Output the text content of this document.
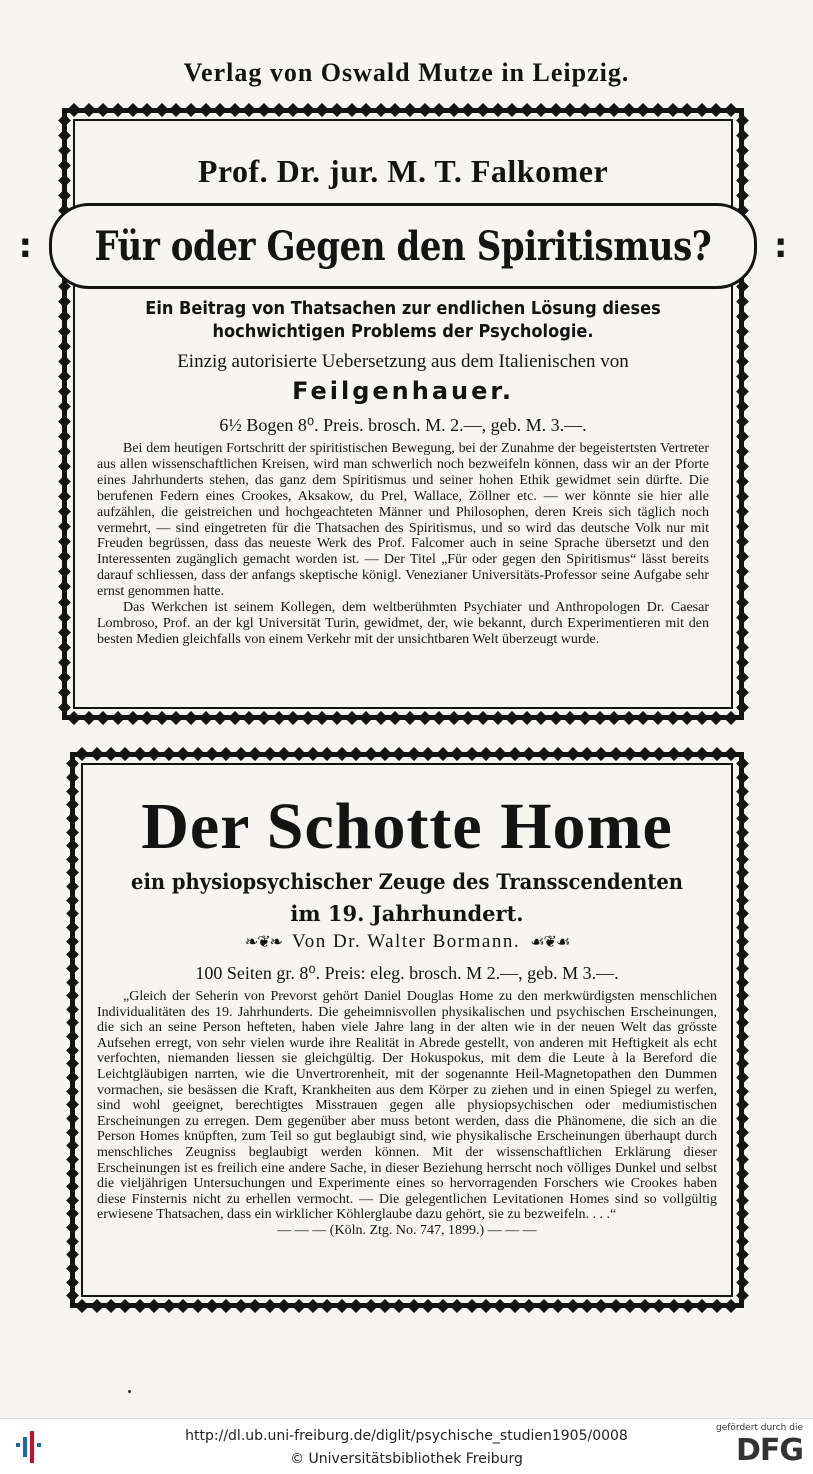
Verlag von Oswald Mutze in Leipzig.
Prof. Dr. jur. M. T. Falkomer
: Für oder Gegen den Spiritismus? :
Ein Beitrag von Thatsachen zur endlichen Lösung dieses
hochwichtigen Problems der Psychologie.
Einzig autorisierte Uebersetzung aus dem Italienischen von
Feilgenhauer.
6½ Bogen 8⁰. Preis. brosch. M. 2.—, geb. M. 3.—.

Bei dem heutigen Fortschritt der spiritistischen Bewegung, bei der Zunahme der begeistertsten Vertreter aus allen wissenschaftlichen Kreisen, wird man schwerlich noch bezweifeln können, dass wir an der Pforte eines Jahrhunderts stehen, das ganz dem Spiritismus und seiner hohen Ethik gewidmet sein dürfte. Die berufenen Federn eines Crookes, Aksakow, du Prel, Wallace, Zöllner etc. — wer könnte sie hier alle aufzählen, die geistreichen und hochgeachteten Männer und Philosophen, deren Kreis sich täglich noch vermehrt, — sind eingetreten für die Thatsachen des Spiritismus, und so wird das deutsche Volk nur mit Freuden begrüssen, dass das neueste Werk des Prof. Falcomer auch in seine Sprache übersetzt und den Interessenten zugänglich gemacht worden ist. — Der Titel „Für oder gegen den Spiritismus“ lässt bereits darauf schliessen, dass der anfangs skeptische königl. Venezianer Universitäts-Professor seine Aufgabe sehr ernst genommen hatte.

Das Werkchen ist seinem Kollegen, dem weltberühmten Psychiater und Anthropologen Dr. Caesar Lombroso, Prof. an der kgl Universität Turin, gewidmet, der, wie bekannt, durch Experimentieren mit den besten Medien gleichfalls von einem Verkehr mit der unsichtbaren Welt überzeugt wurde.

Der Schotte Home
ein physiopsychischer Zeuge des Transscendenten
im 19. Jahrhundert.
❧❦❧ Von Dr. Walter Bormann. ☙❦☙
100 Seiten gr. 8⁰. Preis: eleg. brosch. M 2.—, geb. M 3.—.

„Gleich der Seherin von Prevorst gehört Daniel Douglas Home zu den merkwürdigsten menschlichen Individualitäten des 19. Jahrhunderts. Die geheimnisvollen physikalischen und psychischen Erscheinungen, die sich an seine Person hefteten, haben viele Jahre lang in der alten wie in der neuen Welt das grösste Aufsehen erregt, von sehr vielen wurde ihre Realität in Abrede gestellt, von anderen mit Heftigkeit als echt verfochten, niemanden liessen sie gleichgültig. Der Hokuspokus, mit dem die Leute à la Bereford die Leichtgläubigen narrten, wie die Unvertrorenheit, mit der sogenannte Heil-Magnetopathen den Dummen vormachen, sie besässen die Kraft, Krankheiten aus dem Körper zu ziehen und in einen Spiegel zu werfen, sind wohl geeignet, berechtigtes Misstrauen gegen alle physiopsychischen oder mediumistischen Erscheinungen zu erregen. Dem gegenüber aber muss betont werden, dass die Phänomene, die sich an die Person Homes knüpften, zum Teil so gut beglaubigt sind, wie physikalische Erscheinungen überhaupt durch menschliches Zeugniss beglaubigt werden können. Mit der wissenschaftlichen Erklärung dieser Erscheinungen ist es freilich eine andere Sache, in dieser Beziehung herrscht noch völliges Dunkel und selbst die vieljährigen Untersuchungen und Experimente eines so hervorragenden Forschers wie Crookes haben diese Finsternis nicht zu erhellen vermocht. — Die gelegentlichen Levitationen Homes sind so vollgültig erwiesene Thatsachen, dass ein wirklicher Köhlerglaube dazu gehört, sie zu bezweifeln. . . .“

— — — (Köln. Ztg. No. 747, 1899.) — — —
http://dl.ub.uni-freiburg.de/diglit/psychische_studien1905/0008
© Universitätsbibliothek Freiburg
gefördert durch die
DFG
